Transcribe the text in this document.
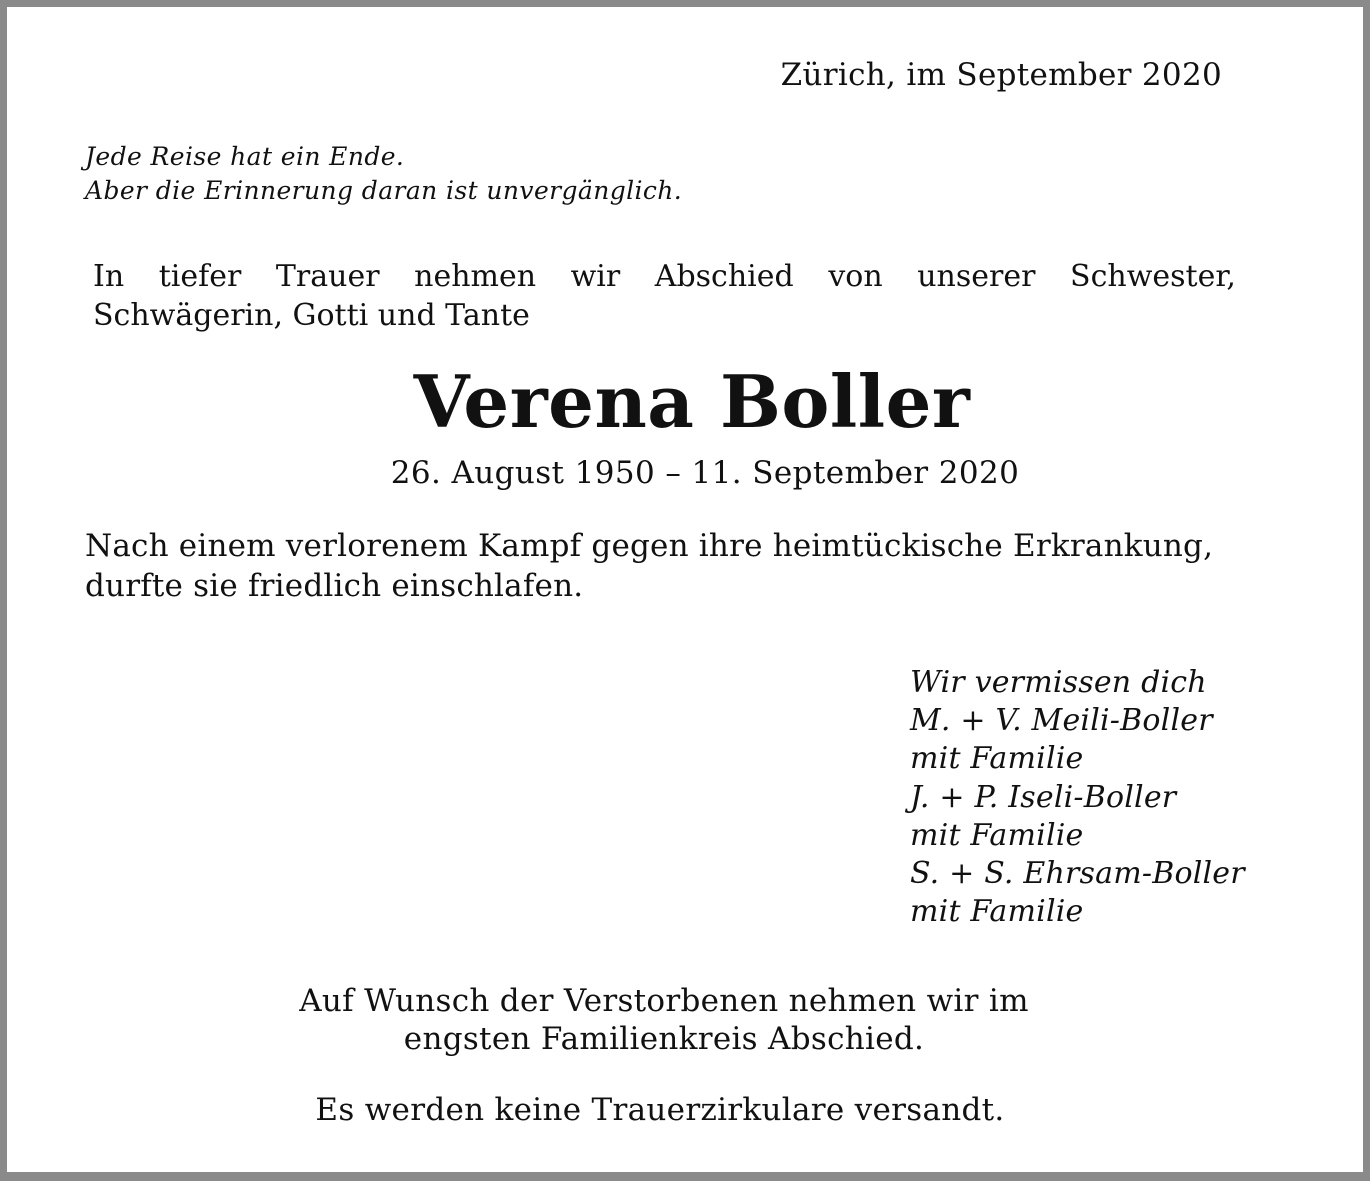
Zürich, im September 2020

Jede Reise hat ein Ende.
Aber die Erinnerung daran ist unvergänglich.
In tiefer Trauer nehmen wir Abschied von unserer Schwester,
Schwägerin, Gotti und Tante
Verena Boller

26. August 1950 – 11. September 2020

Nach einem verlorenem Kampf gegen ihre heimtückische Erkrankung,
durfte sie friedlich einschlafen.
Wir vermissen dich
M. + V. Meili-Boller
mit Familie
J. + P. Iseli-Boller
mit Familie
S. + S. Ehrsam-Boller
mit Familie
Auf Wunsch der Verstorbenen nehmen wir im
engsten Familienkreis Abschied.

Es werden keine Trauerzirkulare versandt.
